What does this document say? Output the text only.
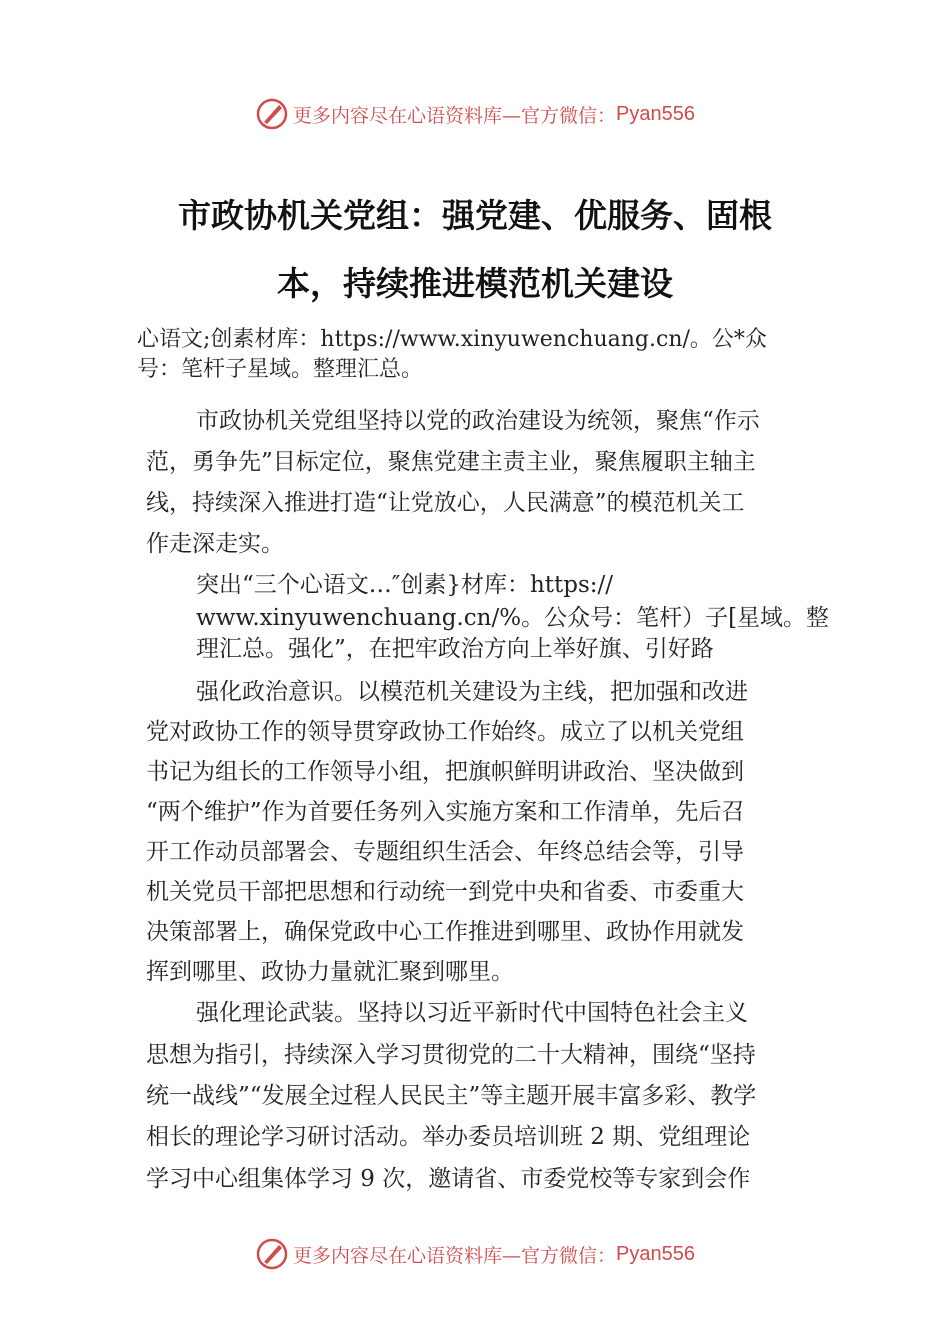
更多内容尽在心语资料库—官方微信： Pyan556
市政协机关党组：强党建、优服务、固根
本，持续推进模范机关建设
心语文;创素材库：https://www.xinyuwenchuang.cn/。公*众
号：笔杆子星域。整理汇总。
市政协机关党组坚持以党的政治建设为统领，聚焦“作示
范，勇争先”目标定位，聚焦党建主责主业，聚焦履职主轴主
线，持续深入推进打造“让党放心，人民满意”的模范机关工
作走深走实。
突出“三个心语文…″创素}材库：https://
www.xinyuwenchuang.cn/%。公众号：笔杆）子[星域。整
理汇总。强化”，在把牢政治方向上举好旗、引好路
强化政治意识。以模范机关建设为主线，把加强和改进
党对政协工作的领导贯穿政协工作始终。成立了以机关党组
书记为组长的工作领导小组，把旗帜鲜明讲政治、坚决做到
“两个维护”作为首要任务列入实施方案和工作清单，先后召
开工作动员部署会、专题组织生活会、年终总结会等，引导
机关党员干部把思想和行动统一到党中央和省委、市委重大
决策部署上，确保党政中心工作推进到哪里、政协作用就发
挥到哪里、政协力量就汇聚到哪里。
强化理论武装。坚持以习近平新时代中国特色社会主义
思想为指引，持续深入学习贯彻党的二十大精神，围绕“坚持
统一战线”“发展全过程人民民主”等主题开展丰富多彩、教学
相长的理论学习研讨活动。举办委员培训班 2 期、党组理论
学习中心组集体学习 9 次，邀请省、市委党校等专家到会作
更多内容尽在心语资料库—官方微信： Pyan556
